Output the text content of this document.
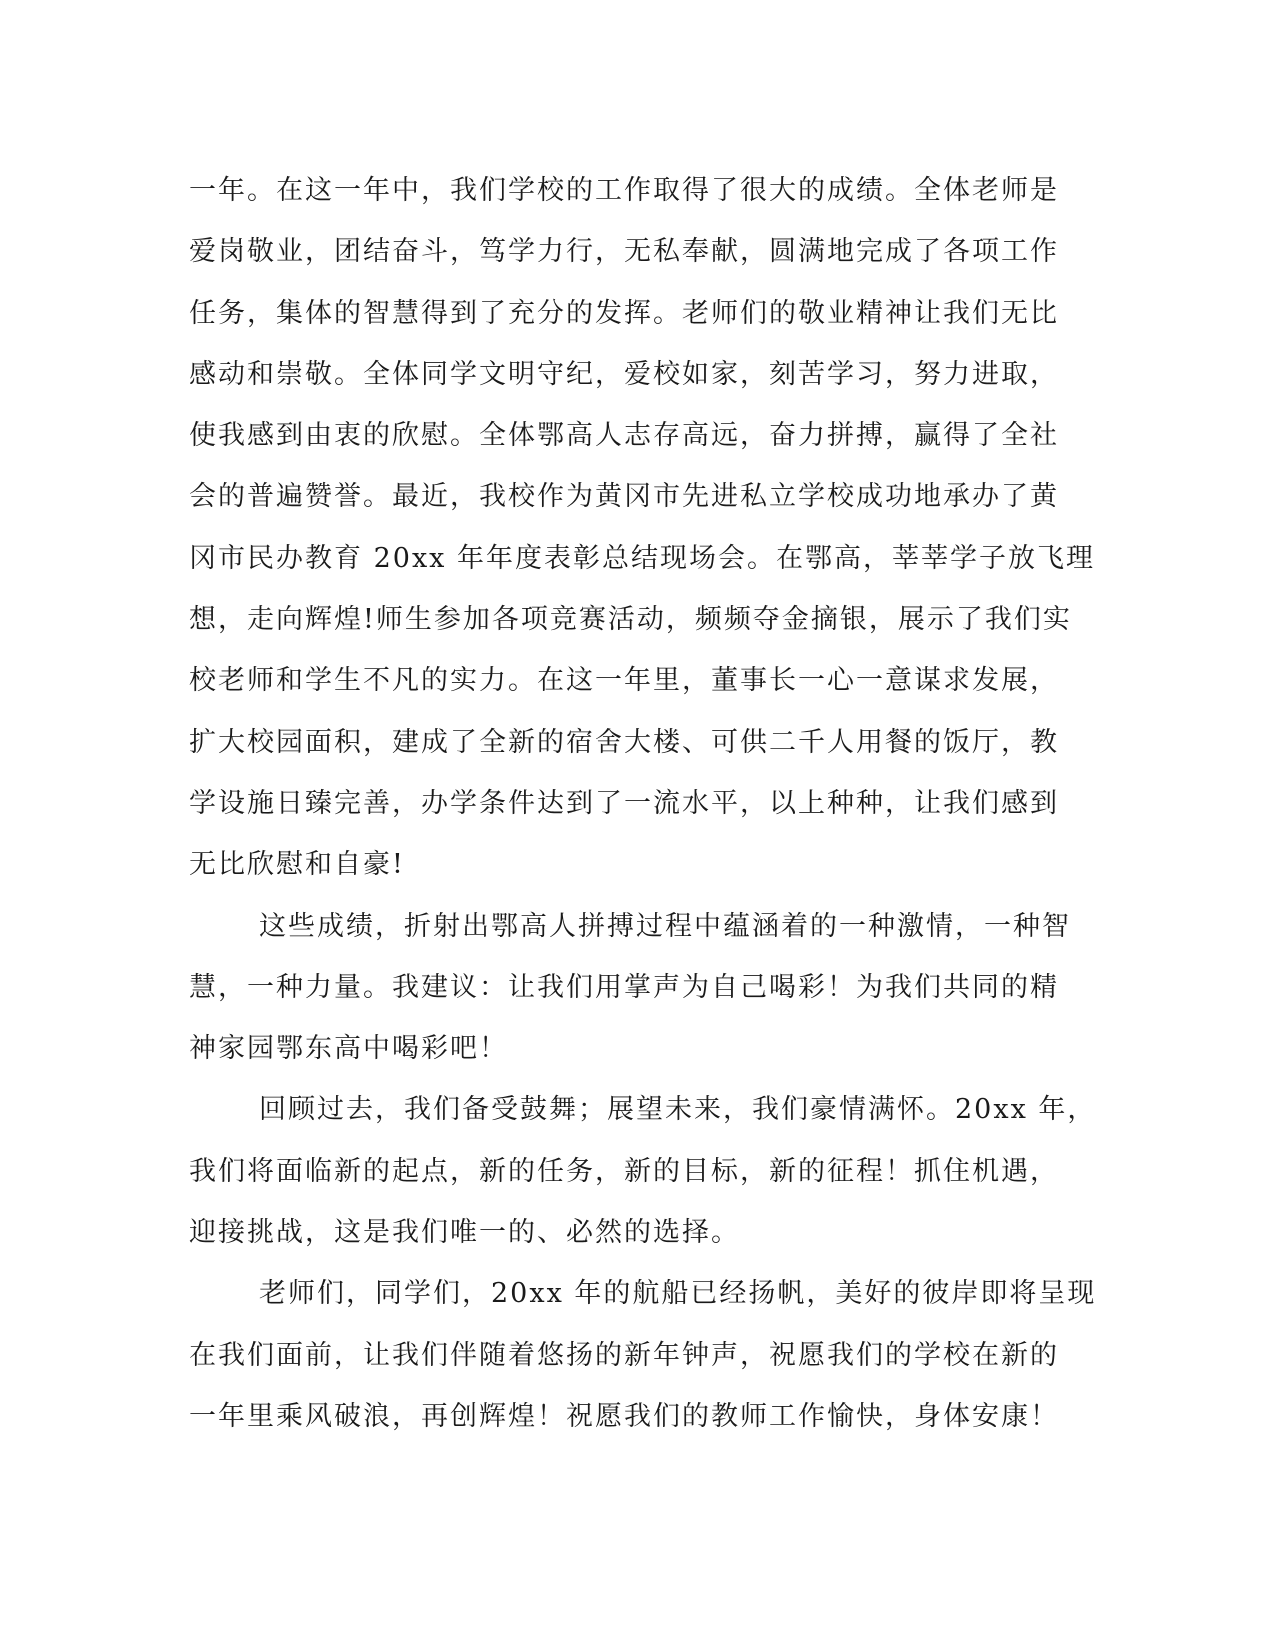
一年。在这一年中，我们学校的工作取得了很大的成绩。全体老师是
爱岗敬业，团结奋斗，笃学力行，无私奉献，圆满地完成了各项工作
任务，集体的智慧得到了充分的发挥。老师们的敬业精神让我们无比
感动和崇敬。全体同学文明守纪，爱校如家，刻苦学习，努力进取，
使我感到由衷的欣慰。全体鄂高人志存高远，奋力拼搏，赢得了全社
会的普遍赞誉。最近，我校作为黄冈市先进私立学校成功地承办了黄
冈市民办教育 20xx 年年度表彰总结现场会。在鄂高，莘莘学子放飞理
想，走向辉煌!师生参加各项竞赛活动，频频夺金摘银，展示了我们实
校老师和学生不凡的实力。在这一年里，董事长一心一意谋求发展，
扩大校园面积，建成了全新的宿舍大楼、可供二千人用餐的饭厅，教
学设施日臻完善，办学条件达到了一流水平，以上种种，让我们感到
无比欣慰和自豪!
这些成绩，折射出鄂高人拼搏过程中蕴涵着的一种激情，一种智
慧，一种力量。我建议：让我们用掌声为自己喝彩！为我们共同的精
神家园鄂东高中喝彩吧！
回顾过去，我们备受鼓舞；展望未来，我们豪情满怀。20xx 年，
我们将面临新的起点，新的任务，新的目标，新的征程！抓住机遇，
迎接挑战，这是我们唯一的、必然的选择。
老师们，同学们，20xx 年的航船已经扬帆，美好的彼岸即将呈现
在我们面前，让我们伴随着悠扬的新年钟声，祝愿我们的学校在新的
一年里乘风破浪，再创辉煌！祝愿我们的教师工作愉快，身体安康！
